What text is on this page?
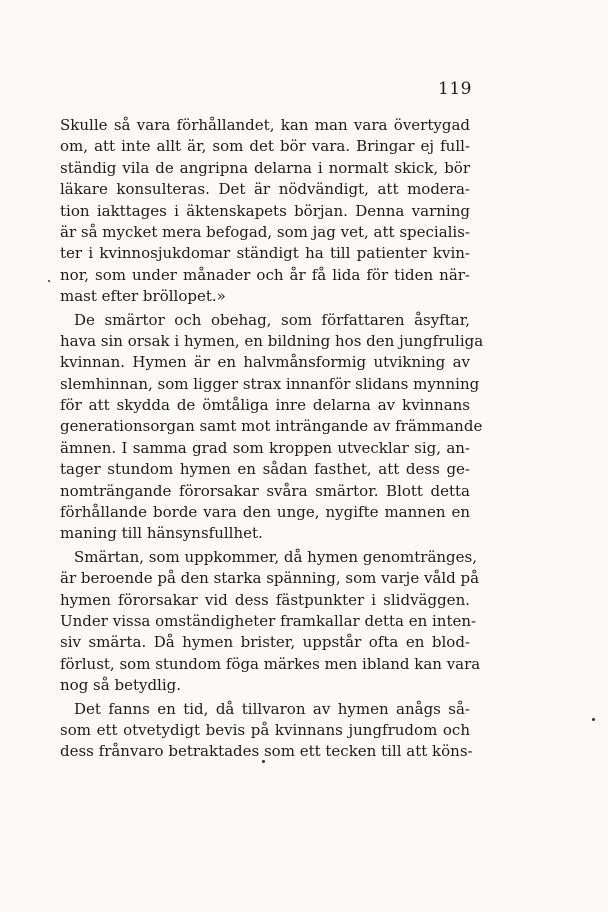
119
Skulle så vara förhållandet, kan man vara övertygad
om, att inte allt är, som det bör vara. Bringar ej full-
ständig vila de angripna delarna i normalt skick, bör
läkare konsulteras. Det är nödvändigt, att modera-
tion iakttages i äktenskapets början. Denna varning
är så mycket mera befogad, som jag vet, att specialis-
ter i kvinnosjukdomar ständigt ha till patienter kvin-
nor, som under månader och år få lida för tiden när-
mast efter bröllopet.»
De smärtor och obehag, som författaren åsyftar,
hava sin orsak i hymen, en bildning hos den jungfruliga
kvinnan. Hymen är en halvmånsformig utvikning av
slemhinnan, som ligger strax innanför slidans mynning
för att skydda de ömtåliga inre delarna av kvinnans
generationsorgan samt mot inträngande av främmande
ämnen. I samma grad som kroppen utvecklar sig, an-
tager stundom hymen en sådan fasthet, att dess ge-
nomträngande förorsakar svåra smärtor. Blott detta
förhållande borde vara den unge, nygifte mannen en
maning till hänsynsfullhet.
Smärtan, som uppkommer, då hymen genomtränges,
är beroende på den starka spänning, som varje våld på
hymen förorsakar vid dess fästpunkter i slidväggen.
Under vissa omständigheter framkallar detta en inten-
siv smärta. Då hymen brister, uppstår ofta en blod-
förlust, som stundom föga märkes men ibland kan vara
nog så betydlig.
Det fanns en tid, då tillvaron av hymen anågs så-
som ett otvetydigt bevis på kvinnans jungfrudom och
dess frånvaro betraktades som ett tecken till att köns-
